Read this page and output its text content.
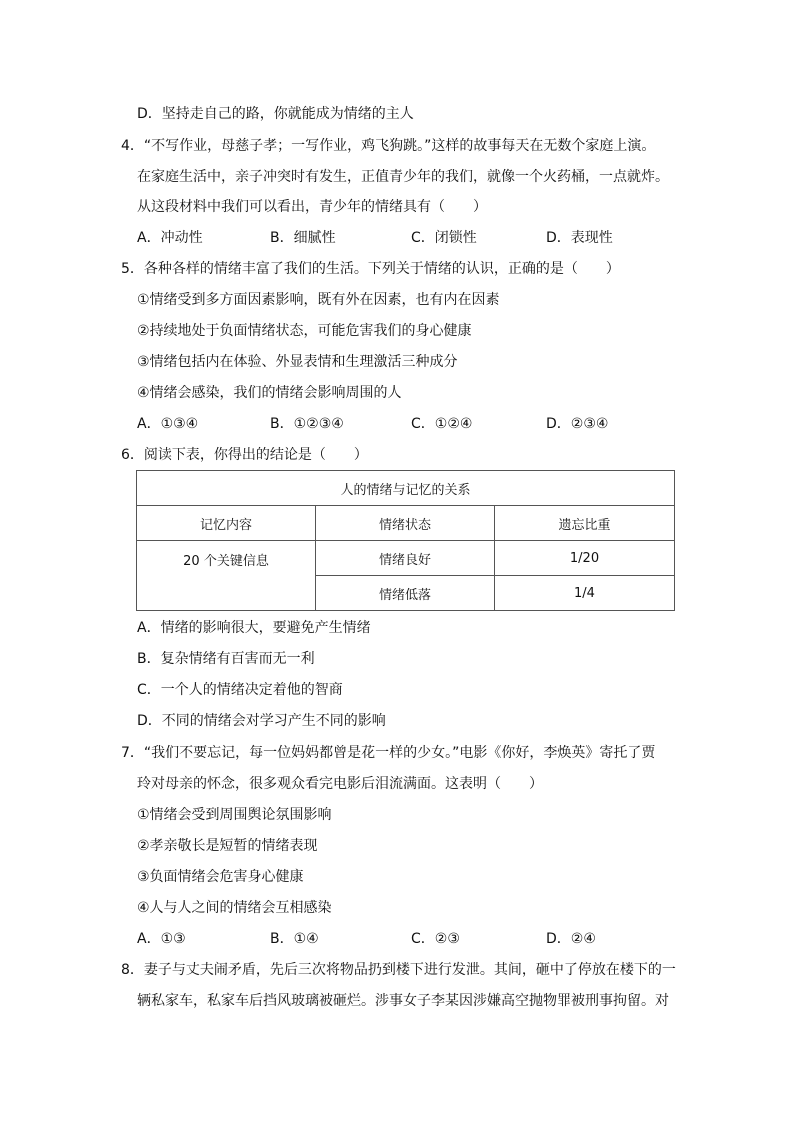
D．坚持走自己的路，你就能成为情绪的主人
4．“不写作业，母慈子孝；一写作业，鸡飞狗跳。”这样的故事每天在无数个家庭上演。
在家庭生活中，亲子冲突时有发生，正值青少年的我们，就像一个火药桶，一点就炸。
从这段材料中我们可以看出，青少年的情绪具有（　　）
A．冲动性	B．细腻性	C．闭锁性	D．表现性
5．各种各样的情绪丰富了我们的生活。下列关于情绪的认识，正确的是（　　）
①情绪受到多方面因素影响，既有外在因素，也有内在因素
②持续地处于负面情绪状态，可能危害我们的身心健康
③情绪包括内在体验、外显表情和生理激活三种成分
④情绪会感染，我们的情绪会影响周围的人
A．①③④	B．①②③④	C．①②④	D．②③④
6．阅读下表，你得出的结论是（　　）
人的情绪与记忆的关系		
记忆内容	情绪状态	遗忘比重
20 个关键信息	情绪良好	1/20
	情绪低落	1/4
A．情绪的影响很大，要避免产生情绪
B．复杂情绪有百害而无一利
C．一个人的情绪决定着他的智商
D．不同的情绪会对学习产生不同的影响
7．“我们不要忘记，每一位妈妈都曾是花一样的少女。”电影《你好，李焕英》寄托了贾
玲对母亲的怀念，很多观众看完电影后泪流满面。这表明（　　）
①情绪会受到周围舆论氛围影响
②孝亲敬长是短暂的情绪表现
③负面情绪会危害身心健康
④人与人之间的情绪会互相感染
A．①③	B．①④	C．②③	D．②④
8．妻子与丈夫闹矛盾，先后三次将物品扔到楼下进行发泄。其间，砸中了停放在楼下的一
辆私家车，私家车后挡风玻璃被砸烂。涉事女子李某因涉嫌高空抛物罪被刑事拘留。对
